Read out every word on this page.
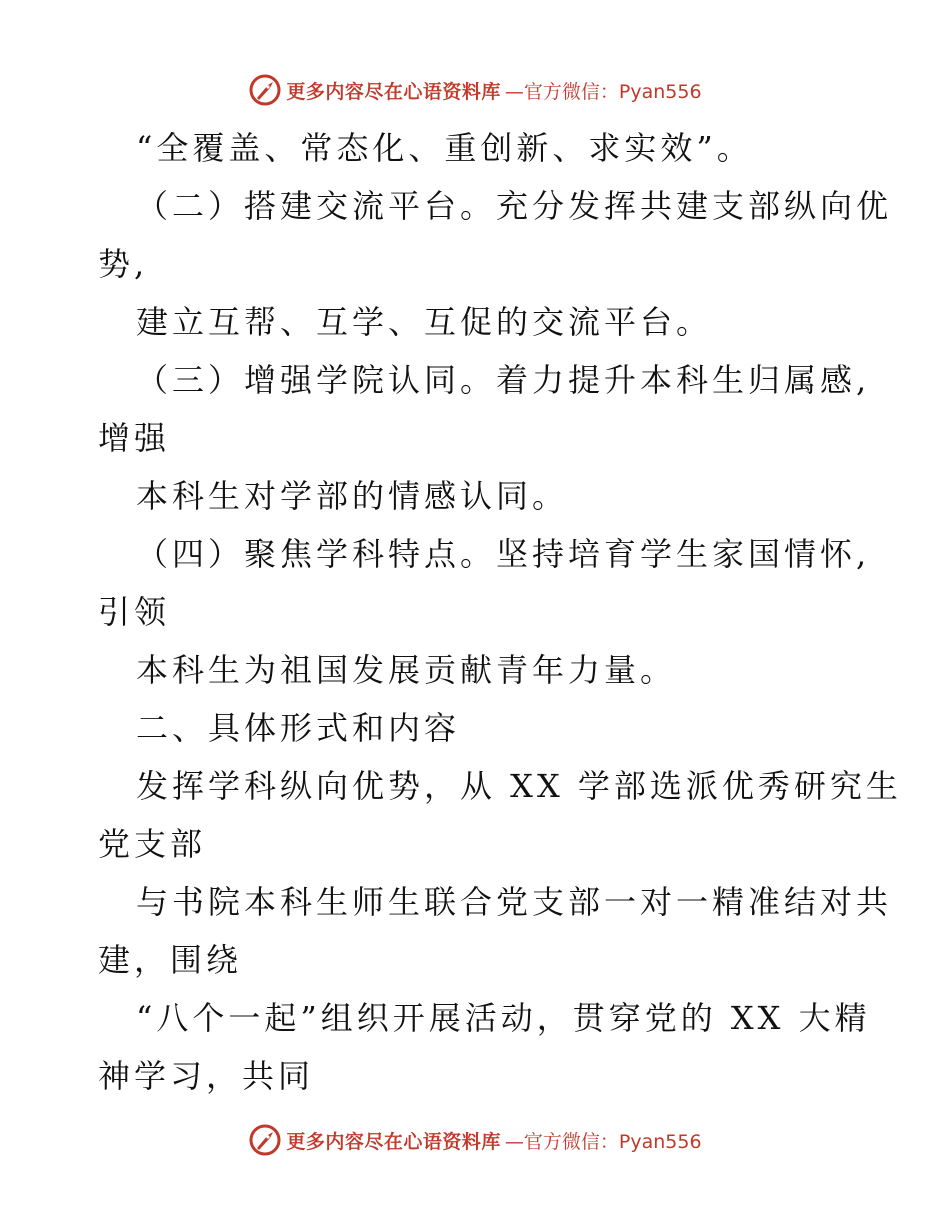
更多内容尽在心语资料库 —官方微信：Pyan556
“全覆盖、常态化、重创新、求实效”。
（二）搭建交流平台。充分发挥共建支部纵向优
势,
建立互帮、互学、互促的交流平台。
（三）增强学院认同。着力提升本科生归属感,
增强
本科生对学部的情感认同。
（四）聚焦学科特点。坚持培育学生家国情怀,
引领
本科生为祖国发展贡献青年力量。
二、具体形式和内容
发挥学科纵向优势，从 XX 学部选派优秀研究生
党支部
与书院本科生师生联合党支部一对一精准结对共
建，围绕
“八个一起”组织开展活动，贯穿党的 XX 大精
神学习，共同
更多内容尽在心语资料库 —官方微信：Pyan556
